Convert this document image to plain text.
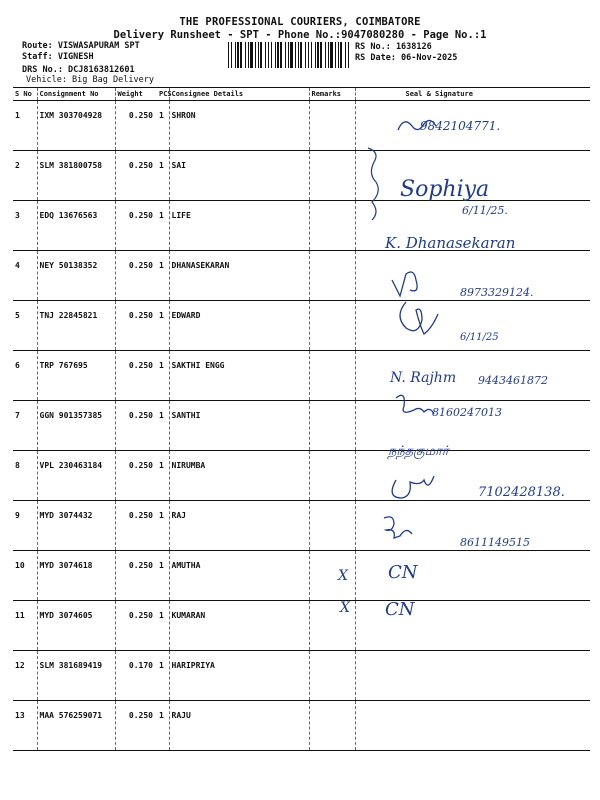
THE PROFESSIONAL COURIERS, COIMBATORE
Delivery Runsheet - SPT - Phone No.:9047080280 - Page No.:1
Route: VISWASAPURAM SPT
Staff: VIGNESH
DRS No.: DCJ8163812601
Vehicle: Big Bag Delivery
RS No.: 1638126
RS Date: 06-Nov-2025
S No	Consignment No	Weight	PCS	Consignee Details	Remarks	Seal & Signature
1	IXM 303704928	0.250	1	SHRON		
2	SLM 381800758	0.250	1	SAI		
3	EDQ 13676563	0.250	1	LIFE		
4	NEY 50138352	0.250	1	DHANASEKARAN		
5	TNJ 22845821	0.250	1	EDWARD		
6	TRP 767695	0.250	1	SAKTHI ENGG		
7	GGN 901357385	0.250	1	SANTHI		
8	VPL 230463184	0.250	1	NIRUMBA		
9	MYD 3074432	0.250	1	RAJ		
10	MYD 3074618	0.250	1	AMUTHA		
11	MYD 3074605	0.250	1	KUMARAN		
12	SLM 381689419	0.170	1	HARIPRIYA		
13	MAA 576259071	0.250	1	RAJU		
9842104771.
Sophiya
6/11/25.
K. Dhanasekaran
8973329124.
6/11/25
N. Rajhm 9443461872
8160247013
நந்தகுமார்
7102428138.
8611149515
X CN
X CN
